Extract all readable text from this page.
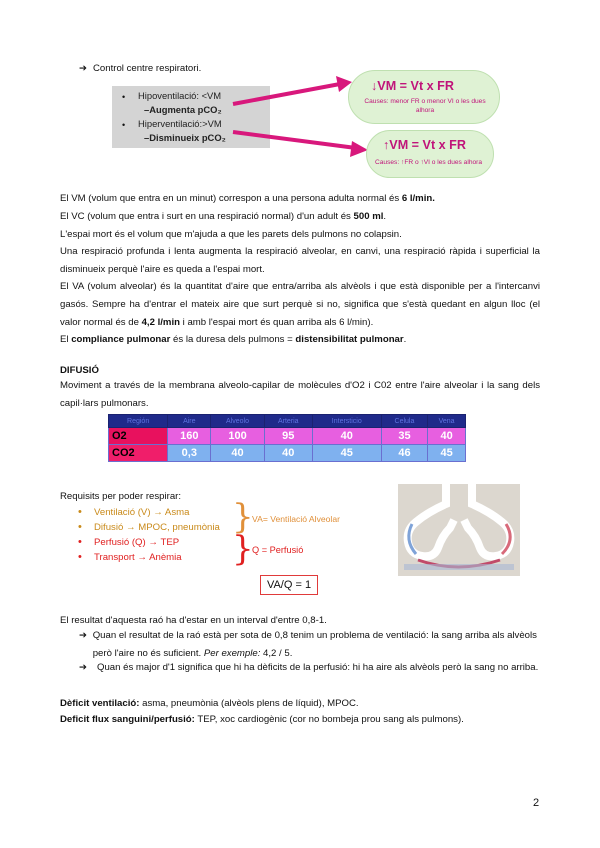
➔ Control centre respiratori.
• Hipoventilació: <VM
–Augmenta pCO₂
• Hiperventilació:>VM
–Disminueix pCO₂
↓VM = Vt x FR
Causes: menor FR o menor VI o les dues alhora
↑VM = Vt x FR
Causes: ↑FR o ↑VI o les dues alhora
El VM (volum que entra en un minut) correspon a una persona adulta normal és 6 l/min.
El VC (volum que entra i surt en una respiració normal) d'un adult és 500 ml.
L'espai mort és el volum que m'ajuda a que les parets dels pulmons no colapsin.
Una respiració profunda i lenta augmenta la respiració alveolar, en canvi, una respiració ràpida i superficial la disminueix perquè l'aire es queda a l'espai mort.
El VA (volum alveolar) és la quantitat d'aire que entra/arriba als alvèols i que està disponible per a l'intercanvi gasós. Sempre ha d'entrar el mateix aire que surt perquè si no, significa que s'està quedant en algun lloc (el valor normal és de 4,2 l/min i amb l'espai mort és quan arriba als 6 l/min).
El compliance pulmonar és la duresa dels pulmons = distensibilitat pulmonar.
DIFUSIÓ
Moviment a través de la membrana alveolo-capilar de molècules d'O2 i C02 entre l'aire alveolar i la sang dels capil·lars pulmonars.
Región	Aire	Alveolo	Arteria	Intersticio	Celula	Vena
O2	160	100	95	40	35	40
CO2	0,3	40	40	45	46	45
Requisits per poder respirar:
• Ventilació (V) → Asma
• Difusió → MPOC, pneumònia
• Perfusió (Q) → TEP
• Transport → Anèmia
}
VA= Ventilació Alveolar
}
Q = Perfusió
VA/Q = 1
El resultat d'aquesta raó ha d'estar en un interval d'entre 0,8-1.
➔ Quan el resultat de la raó està per sota de 0,8 tenim un problema de ventilació: la sang arriba als alvèols però l'aire no és suficient. Per exemple: 4,2 / 5.
➔	Quan és major d'1 significa que hi ha dèficits de la perfusió: hi ha aire als alvèols però la sang no arriba.
Dèficit ventilació: asma, pneumònia (alvèols plens de líquid), MPOC.
Deficit flux sanguini/perfusió: TEP, xoc cardiogènic (cor no bombeja prou sang als pulmons).
2
